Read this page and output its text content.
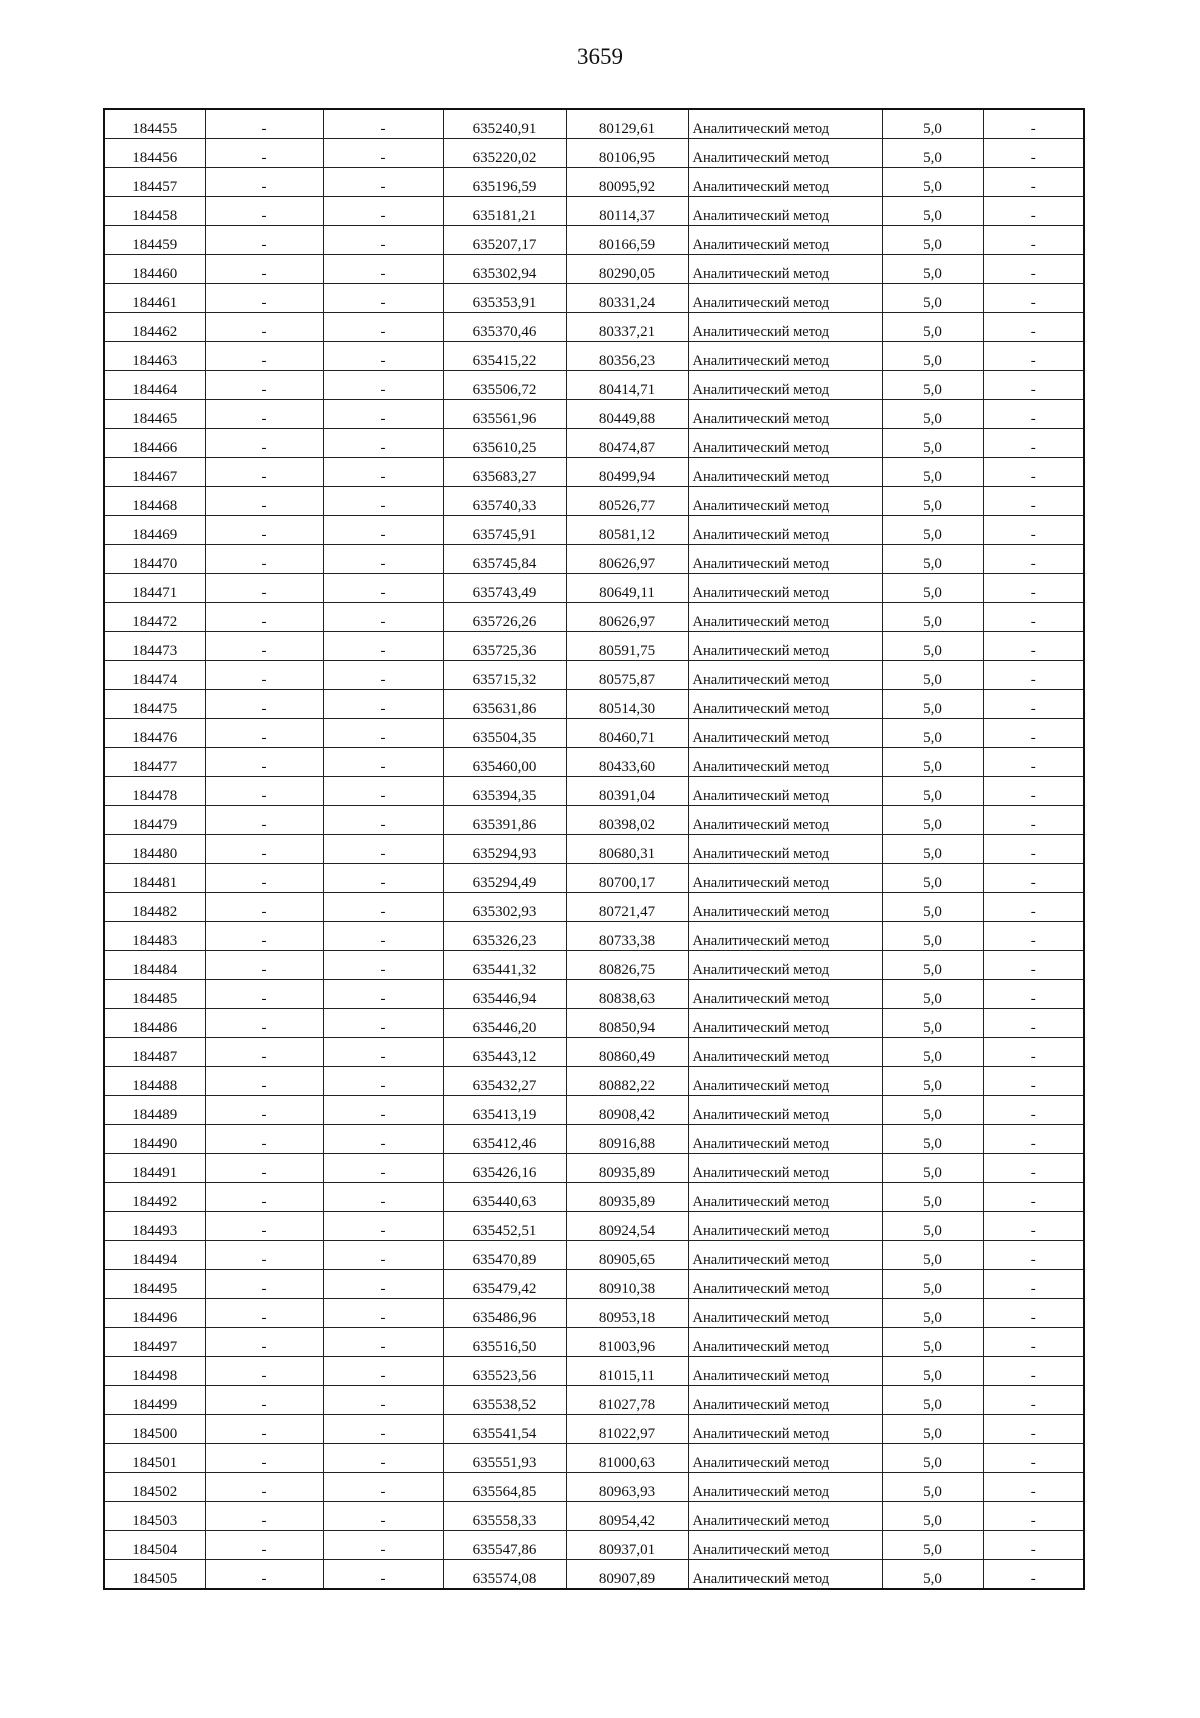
3659
184455	-	-	635240,91	80129,61	Аналитический метод	5,0	-
184456	-	-	635220,02	80106,95	Аналитический метод	5,0	-
184457	-	-	635196,59	80095,92	Аналитический метод	5,0	-
184458	-	-	635181,21	80114,37	Аналитический метод	5,0	-
184459	-	-	635207,17	80166,59	Аналитический метод	5,0	-
184460	-	-	635302,94	80290,05	Аналитический метод	5,0	-
184461	-	-	635353,91	80331,24	Аналитический метод	5,0	-
184462	-	-	635370,46	80337,21	Аналитический метод	5,0	-
184463	-	-	635415,22	80356,23	Аналитический метод	5,0	-
184464	-	-	635506,72	80414,71	Аналитический метод	5,0	-
184465	-	-	635561,96	80449,88	Аналитический метод	5,0	-
184466	-	-	635610,25	80474,87	Аналитический метод	5,0	-
184467	-	-	635683,27	80499,94	Аналитический метод	5,0	-
184468	-	-	635740,33	80526,77	Аналитический метод	5,0	-
184469	-	-	635745,91	80581,12	Аналитический метод	5,0	-
184470	-	-	635745,84	80626,97	Аналитический метод	5,0	-
184471	-	-	635743,49	80649,11	Аналитический метод	5,0	-
184472	-	-	635726,26	80626,97	Аналитический метод	5,0	-
184473	-	-	635725,36	80591,75	Аналитический метод	5,0	-
184474	-	-	635715,32	80575,87	Аналитический метод	5,0	-
184475	-	-	635631,86	80514,30	Аналитический метод	5,0	-
184476	-	-	635504,35	80460,71	Аналитический метод	5,0	-
184477	-	-	635460,00	80433,60	Аналитический метод	5,0	-
184478	-	-	635394,35	80391,04	Аналитический метод	5,0	-
184479	-	-	635391,86	80398,02	Аналитический метод	5,0	-
184480	-	-	635294,93	80680,31	Аналитический метод	5,0	-
184481	-	-	635294,49	80700,17	Аналитический метод	5,0	-
184482	-	-	635302,93	80721,47	Аналитический метод	5,0	-
184483	-	-	635326,23	80733,38	Аналитический метод	5,0	-
184484	-	-	635441,32	80826,75	Аналитический метод	5,0	-
184485	-	-	635446,94	80838,63	Аналитический метод	5,0	-
184486	-	-	635446,20	80850,94	Аналитический метод	5,0	-
184487	-	-	635443,12	80860,49	Аналитический метод	5,0	-
184488	-	-	635432,27	80882,22	Аналитический метод	5,0	-
184489	-	-	635413,19	80908,42	Аналитический метод	5,0	-
184490	-	-	635412,46	80916,88	Аналитический метод	5,0	-
184491	-	-	635426,16	80935,89	Аналитический метод	5,0	-
184492	-	-	635440,63	80935,89	Аналитический метод	5,0	-
184493	-	-	635452,51	80924,54	Аналитический метод	5,0	-
184494	-	-	635470,89	80905,65	Аналитический метод	5,0	-
184495	-	-	635479,42	80910,38	Аналитический метод	5,0	-
184496	-	-	635486,96	80953,18	Аналитический метод	5,0	-
184497	-	-	635516,50	81003,96	Аналитический метод	5,0	-
184498	-	-	635523,56	81015,11	Аналитический метод	5,0	-
184499	-	-	635538,52	81027,78	Аналитический метод	5,0	-
184500	-	-	635541,54	81022,97	Аналитический метод	5,0	-
184501	-	-	635551,93	81000,63	Аналитический метод	5,0	-
184502	-	-	635564,85	80963,93	Аналитический метод	5,0	-
184503	-	-	635558,33	80954,42	Аналитический метод	5,0	-
184504	-	-	635547,86	80937,01	Аналитический метод	5,0	-
184505	-	-	635574,08	80907,89	Аналитический метод	5,0	-
